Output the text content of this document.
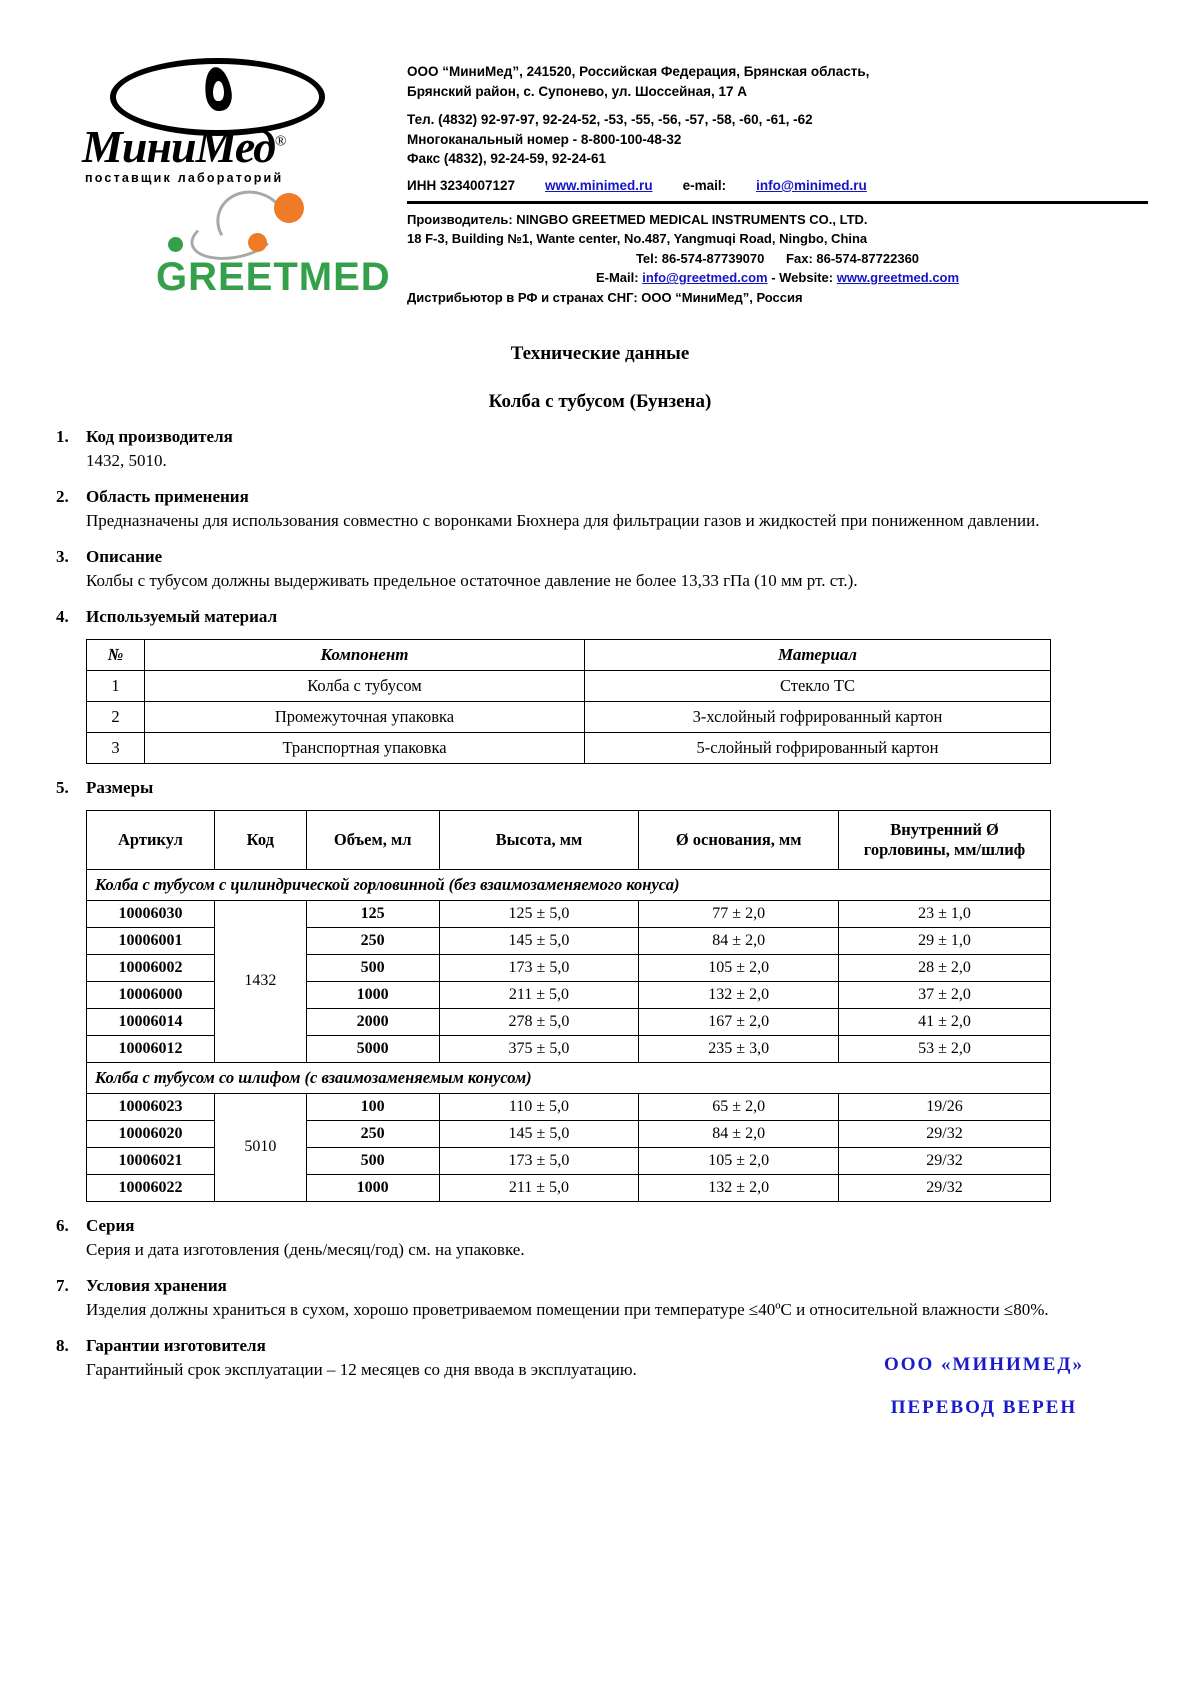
МиниМед®
поставщик лабораторий
GREETMED
ООО “МиниМед”, 241520, Российская Федерация, Брянская область,
Брянский район, с. Супонево, ул. Шоссейная, 17 А
Тел. (4832) 92-97-97, 92-24-52, -53, -55, -56, -57, -58, -60, -61, -62
Многоканальный номер - 8-800-100-48-32
Факс (4832), 92-24-59, 92-24-61
ИНН 3234007127 www.minimed.ru e-mail: info@minimed.ru
Производитель: NINGBO GREETMED MEDICAL INSTRUMENTS CO., LTD.
18 F-3, Building №1, Wante center, No.487, Yangmuqi Road, Ningbo, China
Tel: 86-574-87739070 Fax: 86-574-87722360
E-Mail: info@greetmed.com - Website: www.greetmed.com
Дистрибьютор в РФ и странах СНГ: ООО “МиниМед”, Россия
Технические данные
Колба с тубусом (Бунзена)
1.	Код производителя
1432, 5010.
2.	Область применения
Предназначены для использования совместно с воронками Бюхнера для фильтрации газов и жидкостей при пониженном давлении.
3.	Описание
Колбы с тубусом должны выдерживать предельное остаточное давление не более 13,33 гПа (10 мм рт. ст.).
4.	Используемый материал
№	Компонент	Материал
1	Колба с тубусом	Стекло ТС
2	Промежуточная упаковка	3-хслойный гофрированный картон
3	Транспортная упаковка	5-слойный гофрированный картон
5.	Размеры
Артикул	Код	Объем, мл	Высота, мм	Ø основания, мм	Внутренний Ø
горловины, мм/шлиф
Колба с тубусом с цилиндрической горловинной (без взаимозаменяемого конуса)					
10006030	1432	125	125 ± 5,0	77 ± 2,0	23 ± 1,0
10006001		250	145 ± 5,0	84 ± 2,0	29 ± 1,0
10006002		500	173 ± 5,0	105 ± 2,0	28 ± 2,0
10006000		1000	211 ± 5,0	132 ± 2,0	37 ± 2,0
10006014		2000	278 ± 5,0	167 ± 2,0	41 ± 2,0
10006012		5000	375 ± 5,0	235 ± 3,0	53 ± 2,0
Колба с тубусом со шлифом (с взаимозаменяемым конусом)					
10006023	5010	100	110 ± 5,0	65 ± 2,0	19/26
10006020		250	145 ± 5,0	84 ± 2,0	29/32
10006021		500	173 ± 5,0	105 ± 2,0	29/32
10006022		1000	211 ± 5,0	132 ± 2,0	29/32
6.	Серия
Серия и дата изготовления (день/месяц/год) см. на упаковке.
7.	Условия хранения
Изделия должны храниться в сухом, хорошо проветриваемом помещении при температуре ≤40ºС и относительной влажности ≤80%.
8.	Гарантии изготовителя
Гарантийный срок эксплуатации – 12 месяцев со дня ввода в эксплуатацию.	ООО «МИНИМЕД»
ПЕРЕВОД ВЕРЕН
